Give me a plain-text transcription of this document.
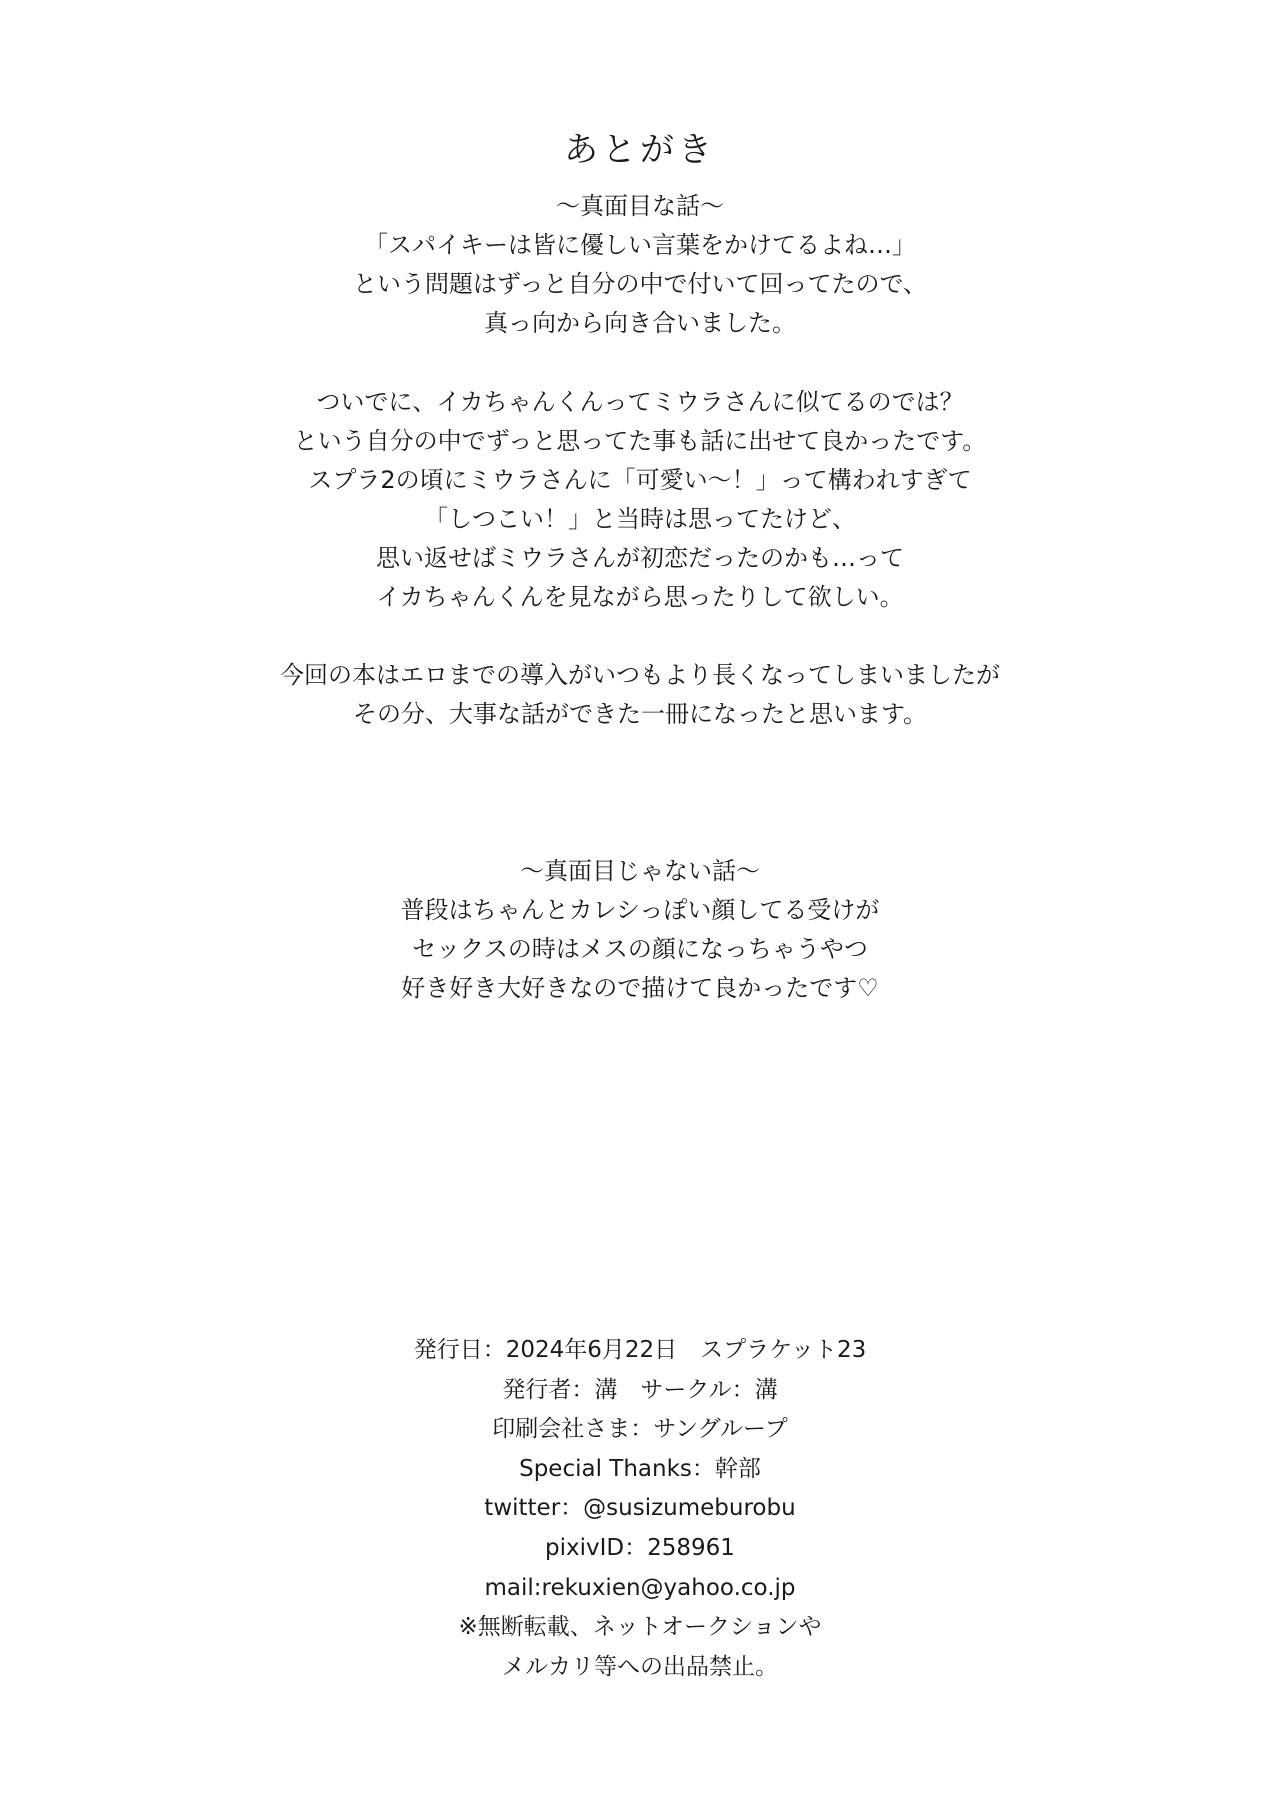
あとがき
〜真面目な話〜
「スパイキーは皆に優しい言葉をかけてるよね…」
という問題はずっと自分の中で付いて回ってたので、
真っ向から向き合いました。
ついでに、イカちゃんくんってミウラさんに似てるのでは？
という自分の中でずっと思ってた事も話に出せて良かったです。
スプラ2の頃にミウラさんに「可愛い〜！」って構われすぎて
「しつこい！」と当時は思ってたけど、
思い返せばミウラさんが初恋だったのかも…って
イカちゃんくんを見ながら思ったりして欲しい。
今回の本はエロまでの導入がいつもより長くなってしまいましたが
その分、大事な話ができた一冊になったと思います。
〜真面目じゃない話〜
普段はちゃんとカレシっぽい顔してる受けが
セックスの時はメスの顔になっちゃうやつ
好き好き大好きなので描けて良かったです♡
発行日：2024年6月22日　スプラケット23
発行者：溝　サークル：溝
印刷会社さま：サングループ
Special Thanks：幹部
twitter：@susizumeburobu
pixivID：258961
mail:rekuxien@yahoo.co.jp
※無断転載、ネットオークションや
メルカリ等への出品禁止。
